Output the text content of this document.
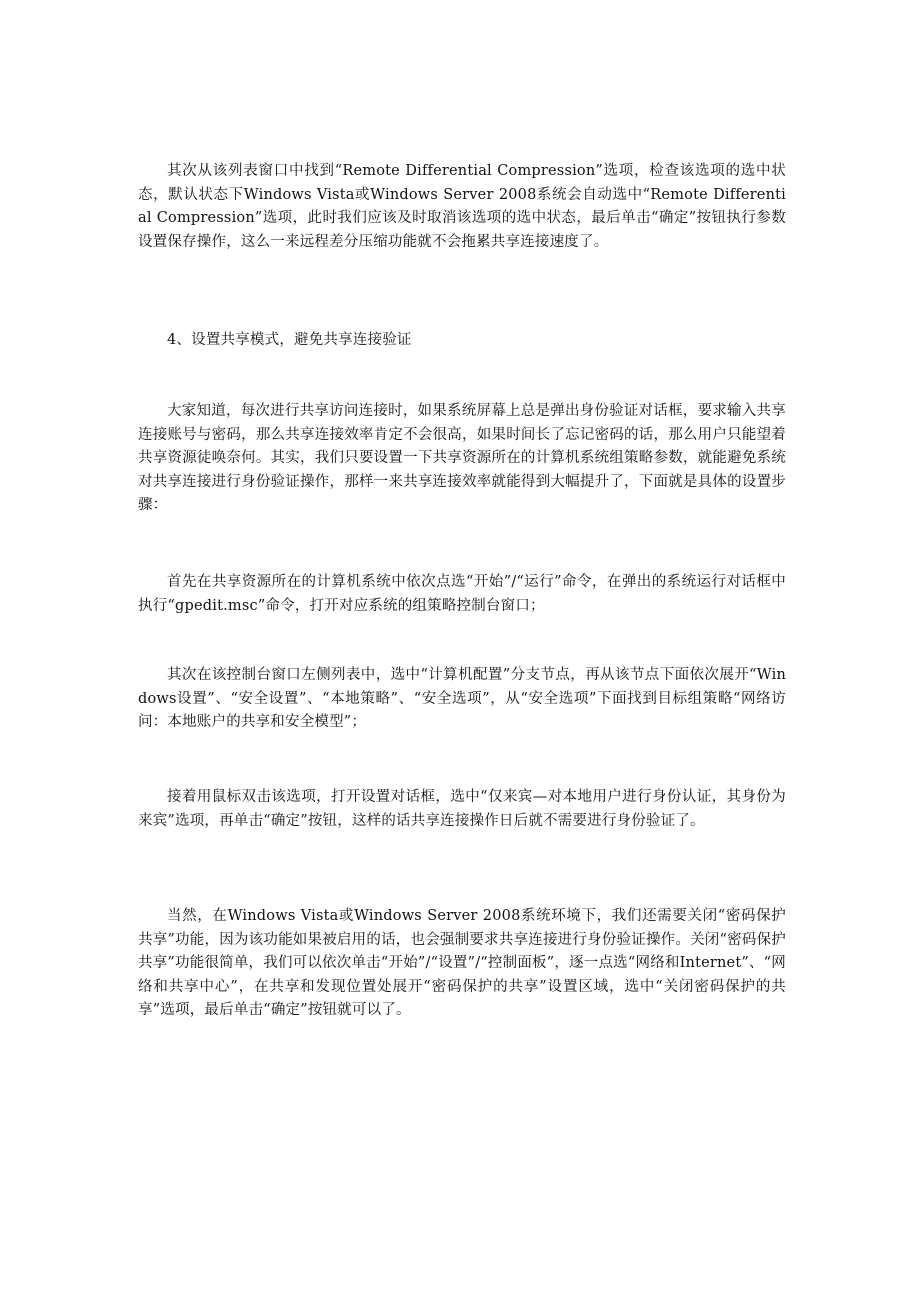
其次从该列表窗口中找到“Remote Differential Compression”选项，检查该选项的选中状态，默认状态下Windows Vista或Windows Server 2008系统会自动选中“Remote Differential Compression”选项，此时我们应该及时取消该选项的选中状态，最后单击“确定”按钮执行参数设置保存操作，这么一来远程差分压缩功能就不会拖累共享连接速度了。

4、设置共享模式，避免共享连接验证

大家知道，每次进行共享访问连接时，如果系统屏幕上总是弹出身份验证对话框，要求输入共享连接账号与密码，那么共享连接效率肯定不会很高，如果时间长了忘记密码的话，那么用户只能望着共享资源徒唤奈何。其实，我们只要设置一下共享资源所在的计算机系统组策略参数，就能避免系统对共享连接进行身份验证操作，那样一来共享连接效率就能得到大幅提升了，下面就是具体的设置步骤：

首先在共享资源所在的计算机系统中依次点选“开始”/“运行”命令，在弹出的系统运行对话框中执行“gpedit.msc”命令，打开对应系统的组策略控制台窗口；

其次在该控制台窗口左侧列表中，选中“计算机配置”分支节点，再从该节点下面依次展开“Windows设置”、“安全设置”、“本地策略”、“安全选项”，从“安全选项”下面找到目标组策略“网络访问：本地账户的共享和安全模型”；

接着用鼠标双击该选项，打开设置对话框，选中“仅来宾—对本地用户进行身份认证，其身份为来宾”选项，再单击“确定”按钮，这样的话共享连接操作日后就不需要进行身份验证了。

当然，在Windows Vista或Windows Server 2008系统环境下，我们还需要关闭“密码保护共享”功能，因为该功能如果被启用的话，也会强制要求共享连接进行身份验证操作。关闭“密码保护共享”功能很简单，我们可以依次单击“开始”/“设置”/“控制面板”，逐一点选“网络和Internet”、“网络和共享中心”，在共享和发现位置处展开“密码保护的共享”设置区域，选中“关闭密码保护的共享”选项，最后单击“确定”按钮就可以了。
